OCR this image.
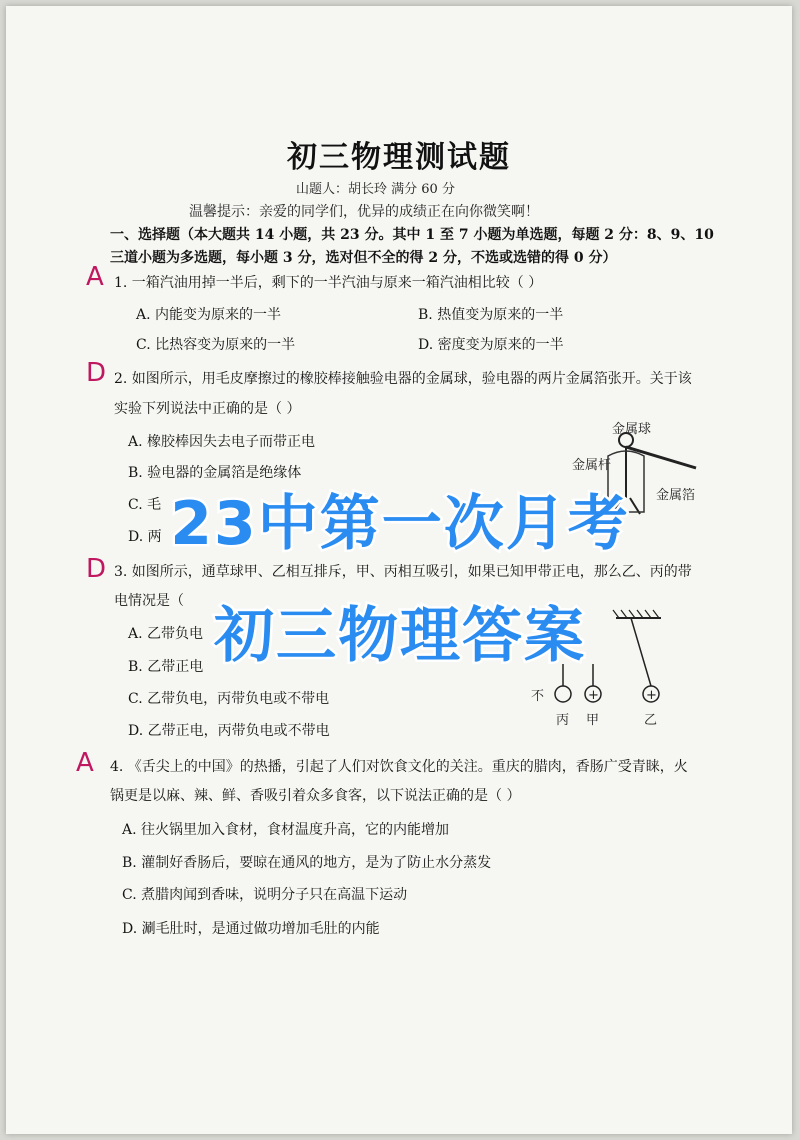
初三物理测试题
山题人：胡长玲 满分 60 分
温馨提示：亲爱的同学们，优异的成绩正在向你微笑啊！
一、选择题（本大题共 14 小题，共 23 分。其中 1 至 7 小题为单选题，每题 2 分：8、9、10
三道小题为多选题，每小题 3 分，选对但不全的得 2 分，不选或选错的得 0 分）
A 1. 一箱汽油用掉一半后，剩下的一半汽油与原来一箱汽油相比较（ ）
A. 内能变为原来的一半	B. 热值变为原来的一半
C. 比热容变为原来的一半	D. 密度变为原来的一半
D 2. 如图所示，用毛皮摩擦过的橡胶棒接触验电器的金属球，验电器的两片金属箔张开。关于该
实验下列说法中正确的是（ ）
A. 橡胶棒因失去电子而带正电
B. 验电器的金属箔是绝缘体
C. 毛
D. 两
金属球
金属杆
金属箔
D 3. 如图所示，通草球甲、乙相互排斥，甲、丙相互吸引，如果已知甲带正电，那么乙、丙的带
电情况是（
A. 乙带负电
B. 乙带正电
C. 乙带负电，丙带负电或不带电
D. 乙带正电，丙带负电或不带电
+	+
不
丙 甲	乙
A 4. 《舌尖上的中国》的热播，引起了人们对饮食文化的关注。重庆的腊肉，香肠广受青睐，火
锅更是以麻、辣、鲜、香吸引着众多食客，以下说法正确的是（ ）
A. 往火锅里加入食材，食材温度升高，它的内能增加
B. 灌制好香肠后，要晾在通风的地方，是为了防止水分蒸发
C. 煮腊肉闻到香味，说明分子只在高温下运动
D. 涮毛肚时，是通过做功增加毛肚的内能
23中第一次月考
初三物理答案
